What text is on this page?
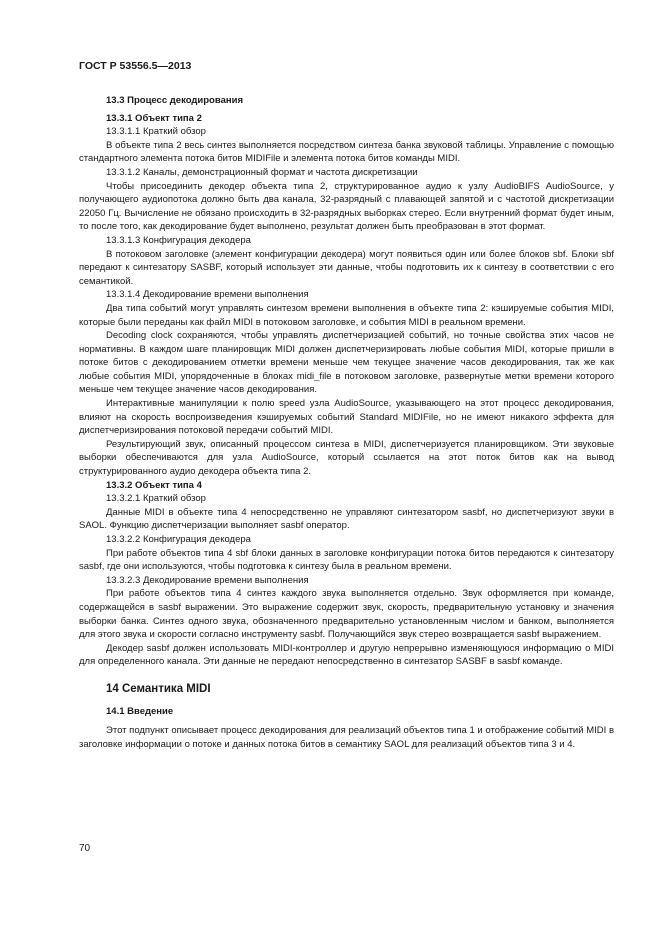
ГОСТ Р 53556.5—2013

13.3 Процесс декодирования

13.3.1 Объект типа 2

13.3.1.1 Краткий обзор

В объекте типа 2 весь синтез выполняется посредством синтеза банка звуковой таблицы. Управление с помощью стандартного элемента потока битов MIDIFile и элемента потока битов команды MIDI.

13.3.1.2 Каналы, демонстрационный формат и частота дискретизации

Чтобы присоединить декодер объекта типа 2, структурированное аудио к узлу AudioBIFS AudioSource, у получающего аудиопотока должно быть два канала, 32-разрядный с плавающей запятой и с частотой дискретизации 22050 Гц. Вычисление не обязано происходить в 32-разрядных выборках стерео. Если внутренний формат будет иным, то после того, как декодирование будет выполнено, результат должен быть преобразован в этот формат.

13.3.1.3 Конфигурация декодера

В потоковом заголовке (элемент конфигурации декодера) могут появиться один или более блоков sbf. Блоки sbf передают к синтезатору SASBF, который использует эти данные, чтобы подготовить их к синтезу в соответствии с его семантикой.

13.3.1.4 Декодирование времени выполнения

Два типа событий могут управлять синтезом времени выполнения в объекте типа 2: кэшируемые события MIDI, которые были переданы как файл MIDI в потоковом заголовке, и события MIDI в реальном времени.

Decoding clock сохраняются, чтобы управлять диспетчеризацией событий, но точные свойства этих часов не нормативны. В каждом шаге планировщик MIDI должен диспетчеризировать любые события MIDI, которые пришли в потоке битов с декодированием отметки времени меньше чем текущее значение часов декодирования, так же как любые события MIDI, упорядоченные в блоках midi_file в потоковом заголовке, развернутые метки времени которого меньше чем текущее значение часов декодирования.

Интерактивные манипуляции к полю speed узла AudioSource, указывающего на этот процесс декодирования, влияют на скорость воспроизведения кэшируемых событий Standard MIDIFile, но не имеют никакого эффекта для диспетчеризирования потоковой передачи событий MIDI.

Результирующий звук, описанный процессом синтеза в MIDI, диспетчеризуется планировщиком. Эти звуковые выборки обеспечиваются для узла AudioSource, который ссылается на этот поток битов как на вывод структурированного аудио декодера объекта типа 2.

13.3.2 Объект типа 4

13.3.2.1 Краткий обзор

Данные MIDI в объекте типа 4 непосредственно не управляют синтезатором sasbf, но диспетчеризуют звуки в SAOL. Функцию диспетчеризации выполняет sasbf оператор.

13.3.2.2 Конфигурация декодера

При работе объектов типа 4 sbf блоки данных в заголовке конфигурации потока битов передаются к синтезатору sasbf, где они используются, чтобы подготовка к синтезу была в реальном времени.

13.3.2.3 Декодирование времени выполнения

При работе объектов типа 4 синтез каждого звука выполняется отдельно. Звук оформляется при команде, содержащейся в sasbf выражении. Это выражение содержит звук, скорость, предварительную установку и значения выборки банка. Синтез одного звука, обозначенного предварительно установленным числом и банком, выполняется для этого звука и скорости согласно инструменту sasbf. Получающийся звук стерео возвращается sasbf выражением.

Декодер sasbf должен использовать MIDI-контроллер и другую непрерывно изменяющуюся информацию о MIDI для определенного канала. Эти данные не передают непосредственно в синтезатор SASBF в sasbf команде.

14 Семантика MIDI

14.1 Введение

Этот подпункт описывает процесс декодирования для реализаций объектов типа 1 и отображение событий MIDI в заголовке информации о потоке и данных потока битов в семантику SAOL для реализаций объектов типа 3 и 4.

70
